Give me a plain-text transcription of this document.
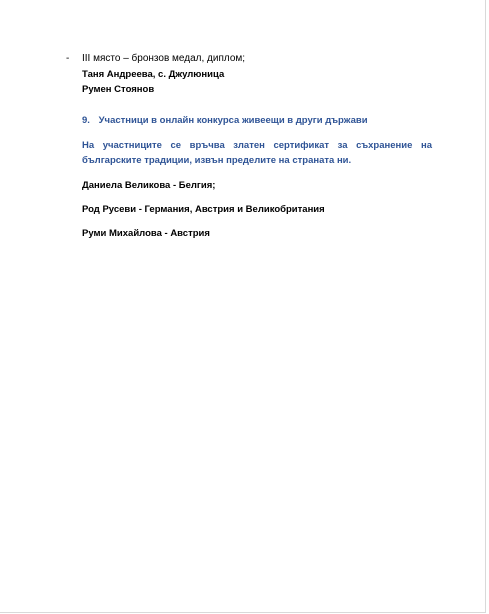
- III място – бронзов медал, диплом;
Таня Андреева, с. Джулюница
Румен Стоянов
9. Участници в онлайн конкурса живеещи в други държави
На участниците се връчва златен сертификат за съхранение на българските традиции, извън пределите на страната ни.
Даниела Великова - Белгия;
Род Русеви - Германия, Австрия и Великобритания
Руми Михайлова - Австрия
